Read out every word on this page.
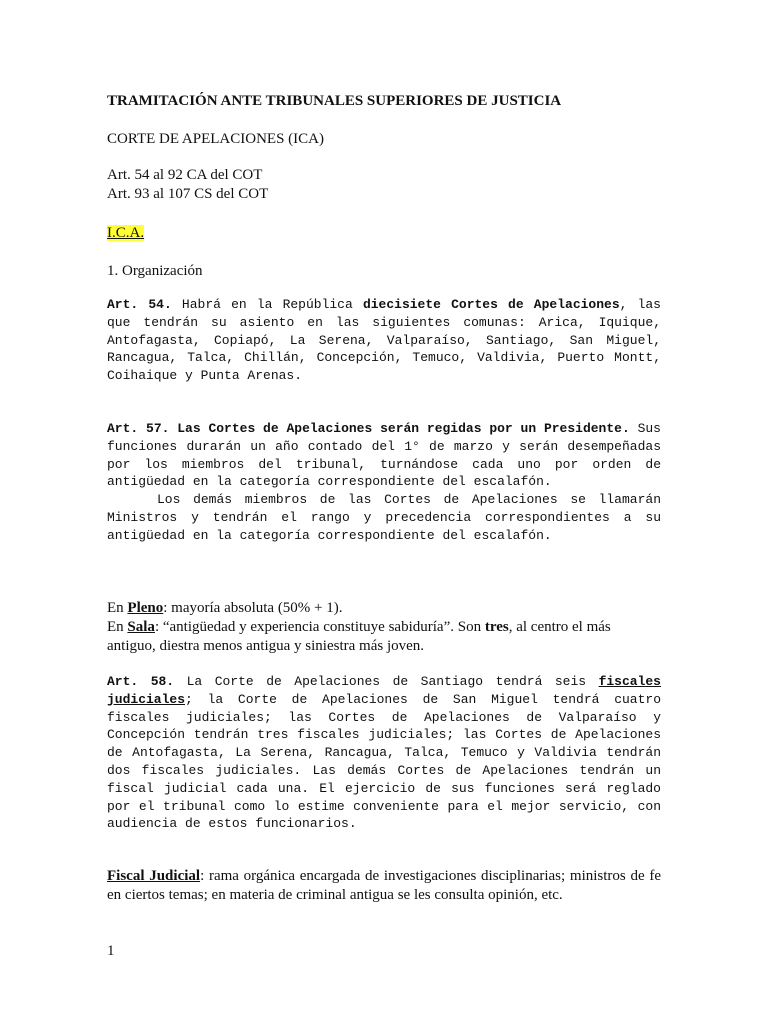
TRAMITACIÓN ANTE TRIBUNALES SUPERIORES DE JUSTICIA
CORTE DE APELACIONES (ICA)
Art. 54 al 92 CA del COT
Art. 93 al 107 CS del COT
I.C.A.
1. Organización

Art. 54. Habrá en la República diecisiete Cortes de Apelaciones, las que tendrán su asiento en las siguientes comunas: Arica, Iquique, Antofagasta, Copiapó, La Serena, Valparaíso, Santiago, San Miguel, Rancagua, Talca, Chillán, Concepción, Temuco, Valdivia, Puerto Montt, Coihaique y Punta Arenas.

Art. 57. Las Cortes de Apelaciones serán regidas por un Presidente. Sus funciones durarán un año contado del 1° de marzo y serán desempeñadas por los miembros del tribunal, turnándose cada uno por orden de antigüedad en la categoría correspondiente del escalafón.

Los demás miembros de las Cortes de Apelaciones se llamarán Ministros y tendrán el rango y precedencia correspondientes a su antigüedad en la categoría correspondiente del escalafón.

En Pleno: mayoría absoluta (50% + 1).
En Sala: “antigüedad y experiencia constituye sabiduría”. Son tres, al centro el más antiguo, diestra menos antigua y siniestra más joven.

Art. 58. La Corte de Apelaciones de Santiago tendrá seis fiscales judiciales; la Corte de Apelaciones de San Miguel tendrá cuatro fiscales judiciales; las Cortes de Apelaciones de Valparaíso y Concepción tendrán tres fiscales judiciales; las Cortes de Apelaciones de Antofagasta, La Serena, Rancagua, Talca, Temuco y Valdivia tendrán dos fiscales judiciales. Las demás Cortes de Apelaciones tendrán un fiscal judicial cada una. El ejercicio de sus funciones será reglado por el tribunal como lo estime conveniente para el mejor servicio, con audiencia de estos funcionarios.

Fiscal Judicial: rama orgánica encargada de investigaciones disciplinarias; ministros de fe en ciertos temas; en materia de criminal antigua se les consulta opinión, etc.

1
